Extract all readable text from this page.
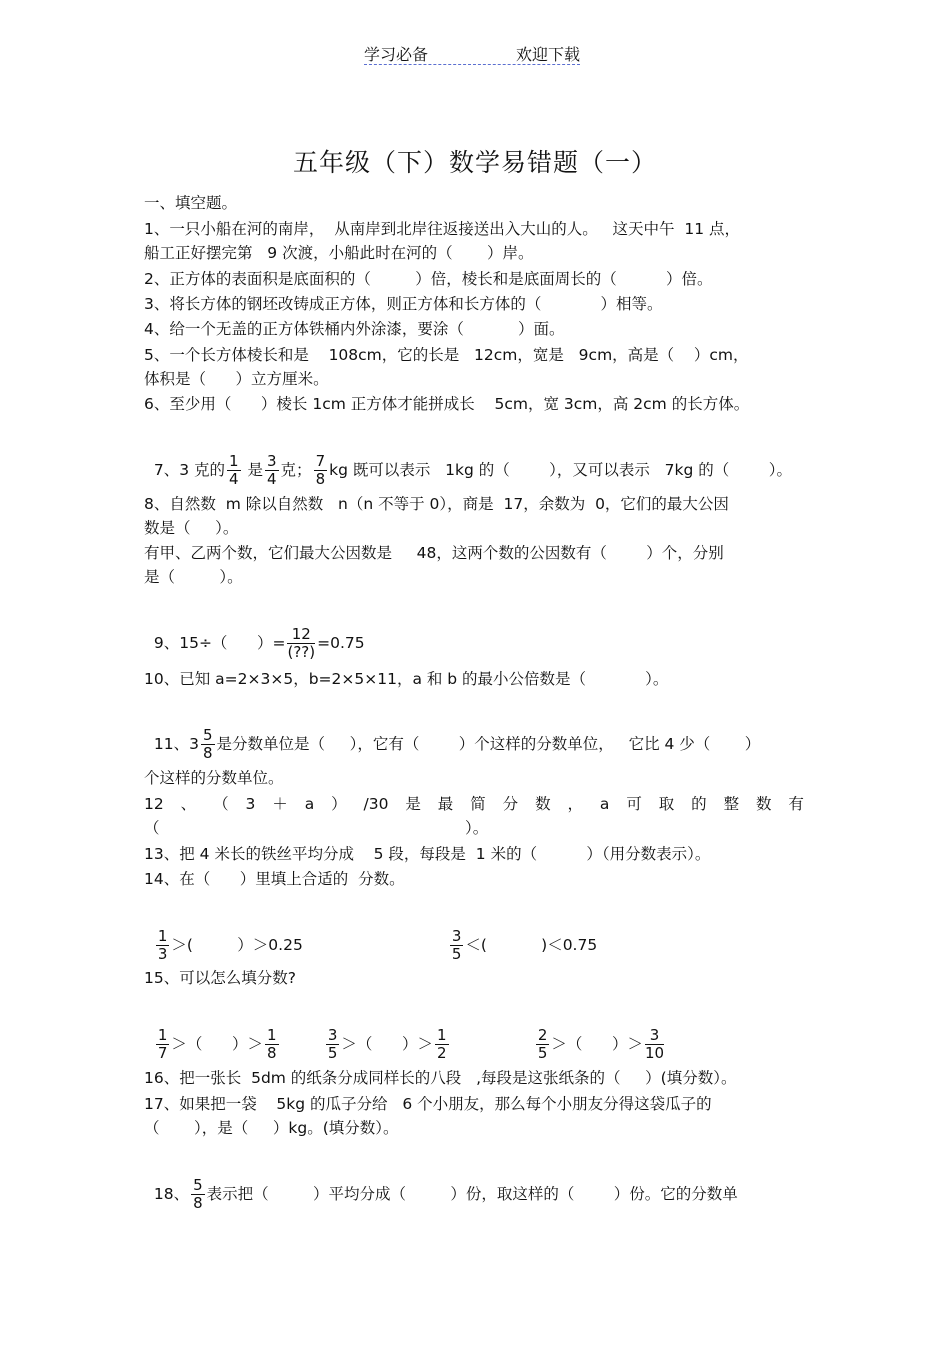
学习必备	欢迎下载
五年级（下）数学易错题（一）
一、填空题。
1、一只小船在河的南岸，  从南岸到北岸往返接送出入大山的人。   这天中午  11 点，
船工正好摆完第   9 次渡，小船此时在河的（       ）岸。
2、正方体的表面积是底面积的（         ）倍，棱长和是底面周长的（          ）倍。
3、将长方体的钢坯改铸成正方体，则正方体和长方体的（            ）相等。
4、给一个无盖的正方体铁桶内外涂漆，要涂（           ）面。
5、一个长方体棱长和是    108cm，它的长是   12cm，宽是   9cm，高是（    ）cm，
体积是（      ）立方厘米。
6、至少用（      ）棱长 1cm 正方体才能拼成长    5cm，宽 3cm，高 2cm 的长方体。

7、3 克的 $\frac{1}{4}$ 是 $\frac{3}{4}$ 克； $\frac{7}{8}$ kg 既可以表示   1kg 的（        ），又可以表示   7kg 的（        ）。

8、自然数  m 除以自然数   n（n 不等于 0），商是  17，余数为  0，它们的最大公因
数是（     ）。
有甲、乙两个数，它们最大公因数是     48，这两个数的公因数有（        ）个，分别
是（         ）。

9、15÷（      ）= 12
(??) =0.75

10、已知 a=2×3×5，b=2×5×11，a 和 b 的最小公倍数是（            ）。

11、$3 \frac{5}{8}$ 是分数单位是（     ），它有（        ）个这样的分数单位，   它比 4 少（       ）

个这样的分数单位。
12 、 （ 3 ＋ a ） /30 是 最 简 分 数 ， a 可 取 的 整 数 有
（                                                              ）。
13、把 4 米长的铁丝平均分成    5 段，每段是  1 米的（          ）（用分数表示）。
14、在（      ）里填上合适的  分数。

$\frac{1}{3}$ ＞(         ）＞0.25

	$\frac{3}{5}$ ＜(           )＜0.75

15、可以怎么填分数?

$\frac{1}{7}$ ＞（      ）＞ $\frac{1}{8}$

	$\frac{3}{5}$ ＞（      ）＞ $\frac{1}{2}$

	$\frac{2}{5}$ ＞（      ）＞ $\frac{3}{10}$

16、把一张长  5dm 的纸条分成同样长的八段   ,每段是这张纸条的（     ）(填分数）。
17、如果把一袋    5kg 的瓜子分给   6 个小朋友，那么每个小朋友分得这袋瓜子的
（       ），是（     ）kg。(填分数）。

18、 $\frac{5}{8}$ 表示把（         ）平均分成（         ）份，取这样的（        ）份。它的分数单
